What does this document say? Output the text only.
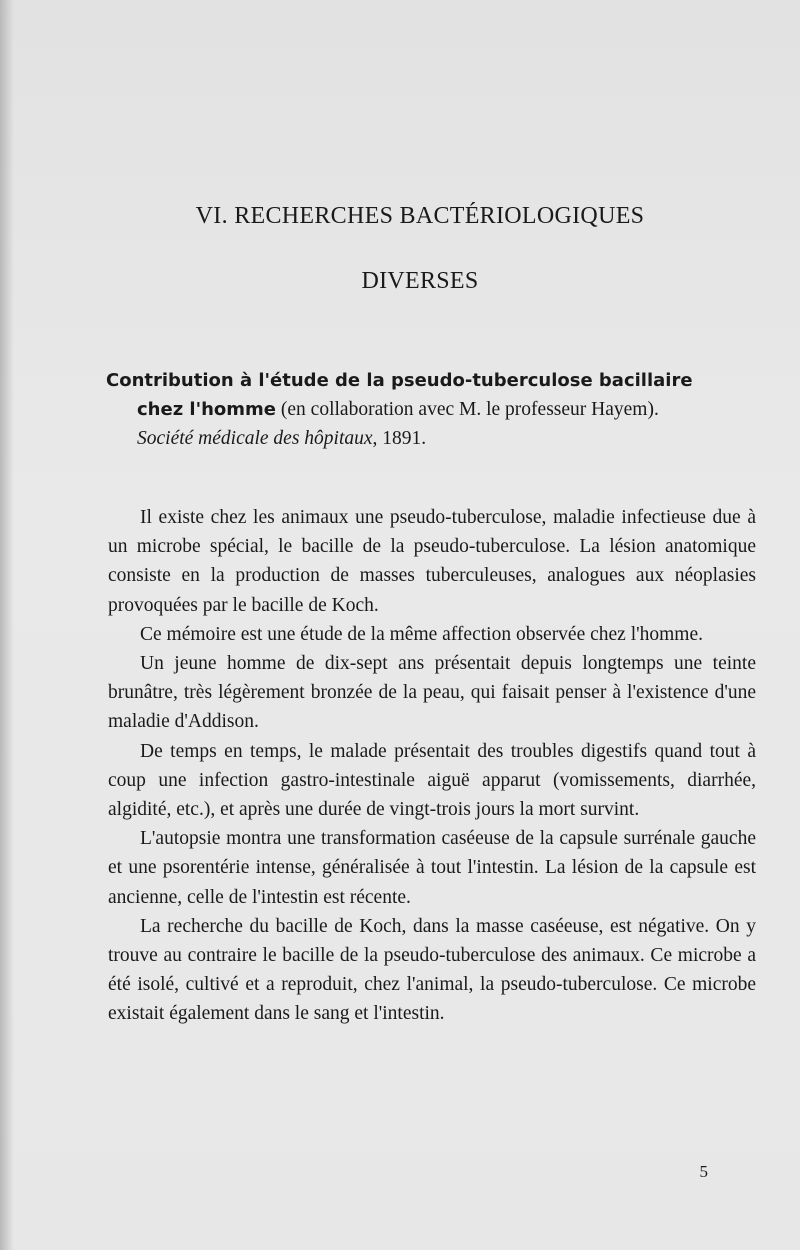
VI. RECHERCHES BACTÉRIOLOGIQUES
DIVERSES
Contribution à l'étude de la pseudo-tuberculose bacillaire
chez l'homme (en collaboration avec M. le professeur Hayem).
Société médicale des hôpitaux, 1891.

Il existe chez les animaux une pseudo-tuberculose, maladie infectieuse due à un microbe spécial, le bacille de la pseudo-tuberculose. La lésion anatomique consiste en la production de masses tuberculeuses, analogues aux néoplasies provoquées par le bacille de Koch.

Ce mémoire est une étude de la même affection observée chez l'homme.

Un jeune homme de dix-sept ans présentait depuis longtemps une teinte brunâtre, très légèrement bronzée de la peau, qui faisait penser à l'existence d'une maladie d'Addison.

De temps en temps, le malade présentait des troubles digestifs quand tout à coup une infection gastro-intestinale aiguë apparut (vomissements, diarrhée, algidité, etc.), et après une durée de vingt-trois jours la mort survint.

L'autopsie montra une transformation caséeuse de la capsule surrénale gauche et une psorentérie intense, généralisée à tout l'intestin. La lésion de la capsule est ancienne, celle de l'intestin est récente.

La recherche du bacille de Koch, dans la masse caséeuse, est négative. On y trouve au contraire le bacille de la pseudo-tuberculose des animaux. Ce microbe a été isolé, cultivé et a reproduit, chez l'animal, la pseudo-tuberculose. Ce microbe existait également dans le sang et l'intestin.

5
